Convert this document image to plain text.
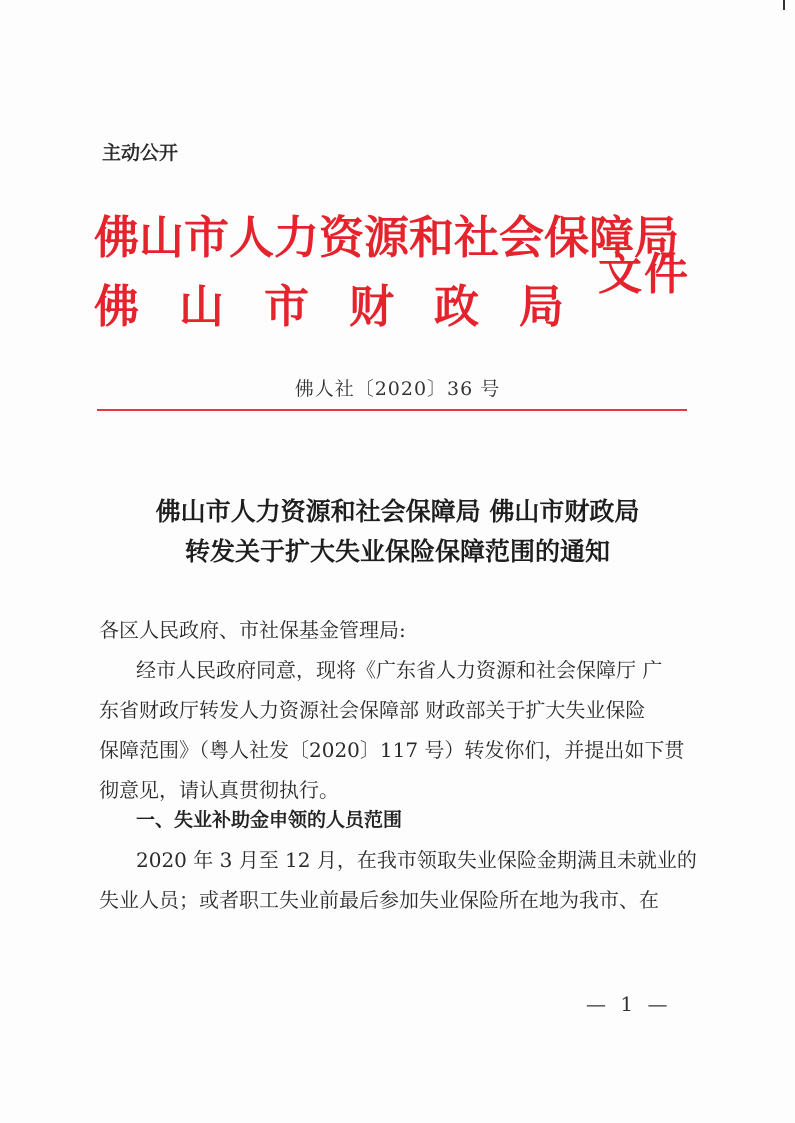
主动公开
佛山市人力资源和社会保障局
佛 山 市 财 政 局
文件
佛人社〔2020〕36 号
佛山市人力资源和社会保障局 佛山市财政局
转发关于扩大失业保险保障范围的通知
各区人民政府、市社保基金管理局:
经市人民政府同意，现将《广东省人力资源和社会保障厅 广
东省财政厅转发人力资源社会保障部 财政部关于扩大失业保险
保障范围》（粤人社发〔2020〕117 号）转发你们，并提出如下贯
彻意见，请认真贯彻执行。
一、失业补助金申领的人员范围
2020 年 3 月至 12 月，在我市领取失业保险金期满且未就业的
失业人员；或者职工失业前最后参加失业保险所在地为我市、在
— 1 —
